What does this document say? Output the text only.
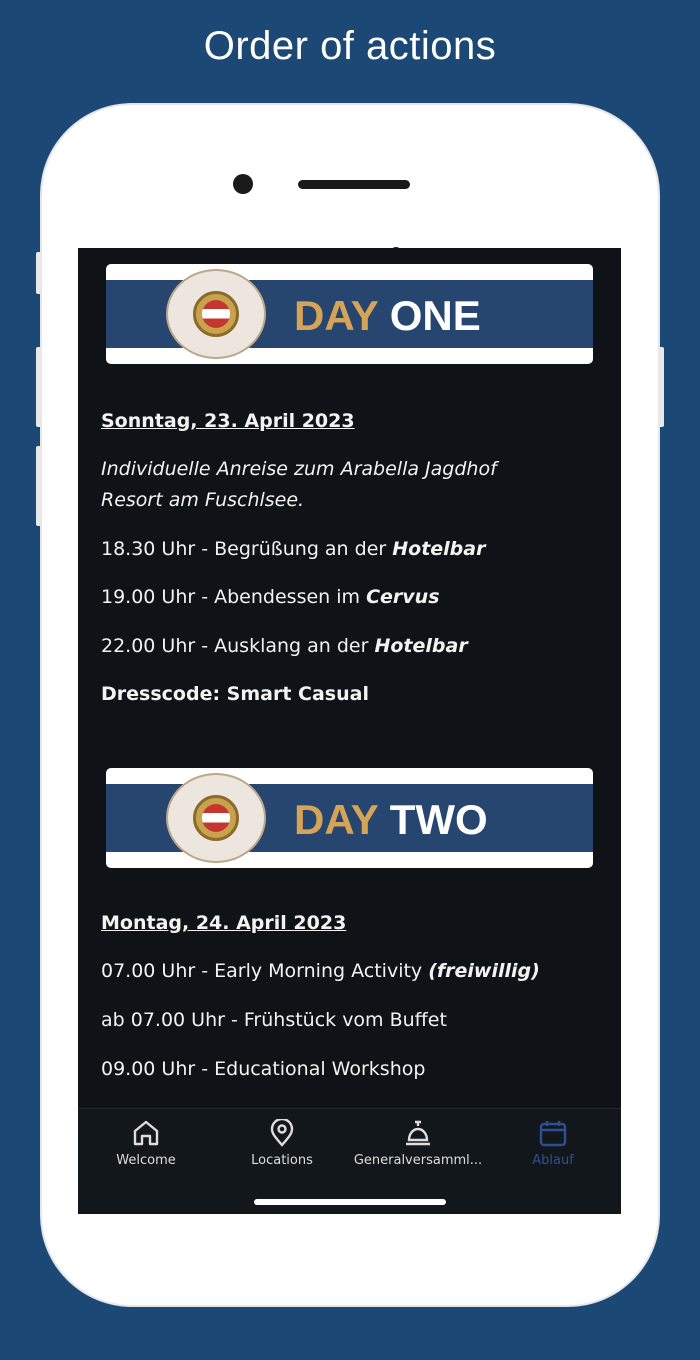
Order of actions
DAY ONE
Sonntag, 23. April 2023
Individuelle Anreise zum Arabella Jagdhof Resort am Fuschlsee.
18.30 Uhr - Begrüßung an der Hotelbar
19.00 Uhr - Abendessen im Cervus
22.00 Uhr - Ausklang an der Hotelbar
Dresscode: Smart Casual
DAY TWO
Montag, 24. April 2023
07.00 Uhr - Early Morning Activity (freiwillig)
ab 07.00 Uhr - Frühstück vom Buffet
09.00 Uhr - Educational Workshop
Welcome	Locations	Generalversamml...	Ablauf
